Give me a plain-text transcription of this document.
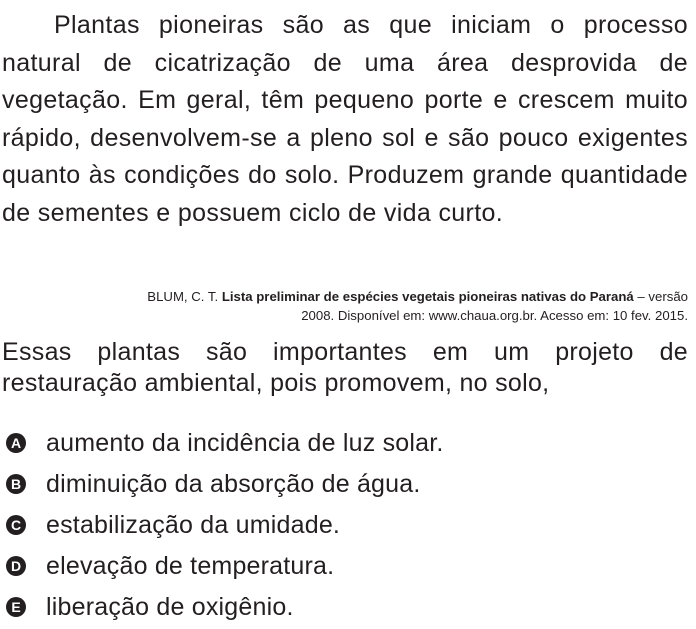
Plantas pioneiras são as que iniciam o processo natural de cicatrização de uma área desprovida de vegetação. Em geral, têm pequeno porte e crescem muito rápido, desenvolvem-se a pleno sol e são pouco exigentes quanto às condições do solo. Produzem grande quantidade de sementes e possuem ciclo de vida curto.

BLUM, C. T. Lista preliminar de espécies vegetais pioneiras nativas do Paraná – versão
2008. Disponível em: www.chaua.org.br. Acesso em: 10 fev. 2015.

Essas plantas são importantes em um projeto de restauração ambiental, pois promovem, no solo,

A aumento da incidência de luz solar.
B diminuição da absorção de água.
C estabilização da umidade.
D elevação de temperatura.
E liberação de oxigênio.
